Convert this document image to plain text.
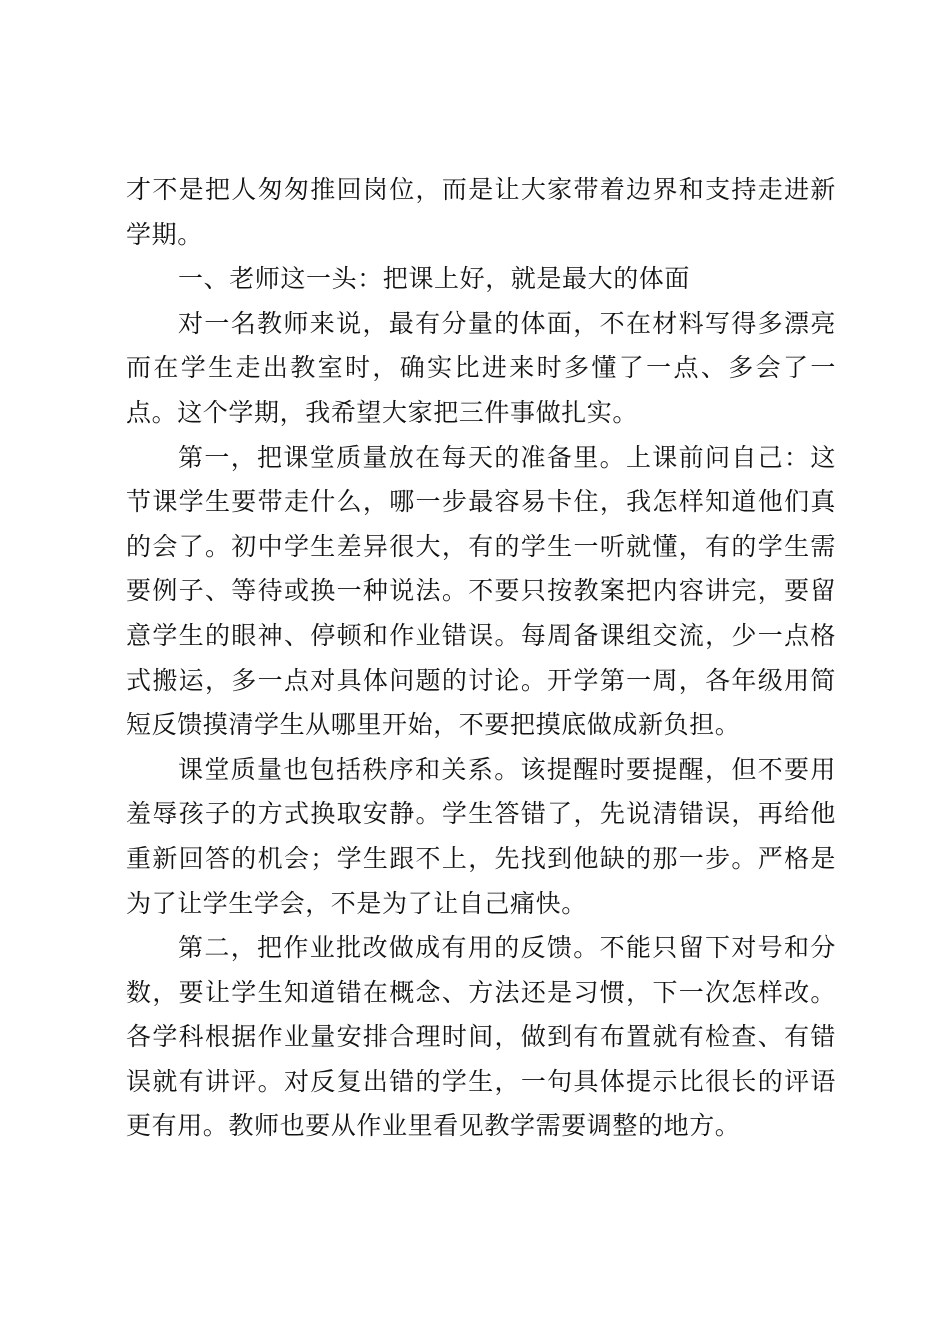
才不是把人匆匆推回岗位，而是让大家带着边界和支持走进新学期。

一、老师这一头：把课上好，就是最大的体面

对一名教师来说，最有分量的体面，不在材料写得多漂亮而在学生走出教室时，确实比进来时多懂了一点、多会了一点。这个学期，我希望大家把三件事做扎实。

第一，把课堂质量放在每天的准备里。上课前问自己：这节课学生要带走什么，哪一步最容易卡住，我怎样知道他们真的会了。初中学生差异很大，有的学生一听就懂，有的学生需要例子、等待或换一种说法。不要只按教案把内容讲完，要留意学生的眼神、停顿和作业错误。每周备课组交流，少一点格式搬运，多一点对具体问题的讨论。开学第一周，各年级用简短反馈摸清学生从哪里开始，不要把摸底做成新负担。

课堂质量也包括秩序和关系。该提醒时要提醒，但不要用羞辱孩子的方式换取安静。学生答错了，先说清错误，再给他重新回答的机会；学生跟不上，先找到他缺的那一步。严格是为了让学生学会，不是为了让自己痛快。

第二，把作业批改做成有用的反馈。不能只留下对号和分数，要让学生知道错在概念、方法还是习惯，下一次怎样改。各学科根据作业量安排合理时间，做到有布置就有检查、有错误就有讲评。对反复出错的学生，一句具体提示比很长的评语更有用。教师也要从作业里看见教学需要调整的地方。
